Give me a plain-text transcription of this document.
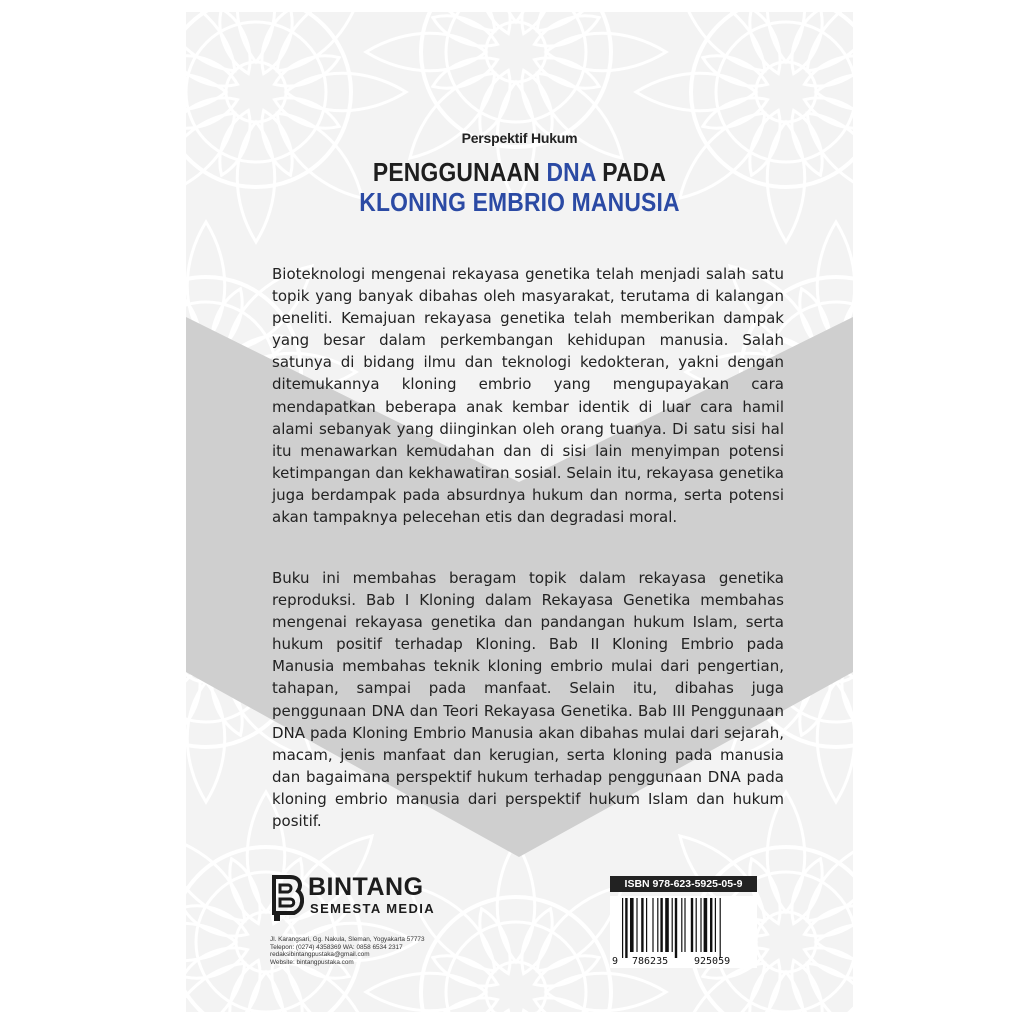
Perspektif Hukum
PENGGUNAAN DNA PADA
KLONING EMBRIO MANUSIA

Bioteknologi mengenai rekayasa genetika telah menjadi salah satu topik yang banyak dibahas oleh masyarakat, terutama di kalangan peneliti. Kemajuan rekayasa genetika telah memberikan dampak yang besar dalam perkembangan kehidupan manusia. Salah satunya di bidang ilmu dan teknologi kedokteran, yakni dengan ditemukannya kloning embrio yang mengupayakan cara mendapatkan beberapa anak kembar identik di luar cara hamil alami sebanyak yang diinginkan oleh orang tuanya. Di satu sisi hal itu menawarkan kemudahan dan di sisi lain menyimpan potensi ketimpangan dan kekhawatiran sosial. Selain itu, rekayasa genetika juga berdampak pada absurdnya hukum dan norma, serta potensi akan tampaknya pelecehan etis dan degradasi moral.

Buku ini membahas beragam topik dalam rekayasa genetika reproduksi. Bab I Kloning dalam Rekayasa Genetika membahas mengenai rekayasa genetika dan pandangan hukum Islam, serta hukum positif terhadap Kloning. Bab II Kloning Embrio pada Manusia membahas teknik kloning embrio mulai dari pengertian, tahapan, sampai pada manfaat. Selain itu, dibahas juga penggunaan DNA dan Teori Rekayasa Genetika. Bab III Penggunaan DNA pada Kloning Embrio Manusia akan dibahas mulai dari sejarah, macam, jenis manfaat dan kerugian, serta kloning pada manusia dan bagaimana perspektif hukum terhadap penggunaan DNA pada kloning embrio manusia dari perspektif hukum Islam dan hukum positif.

BINTANG
SEMESTA MEDIA
Jl. Karangsari, Gg. Nakula, Sleman, Yogyakarta 57773
Telepon: (0274) 4358369 WA: 0858 6534 2317
redaksibintangpustaka@gmail.com
Website: bintangpustaka.com
ISBN 978-623-5925-05-9
9 786235	925059
